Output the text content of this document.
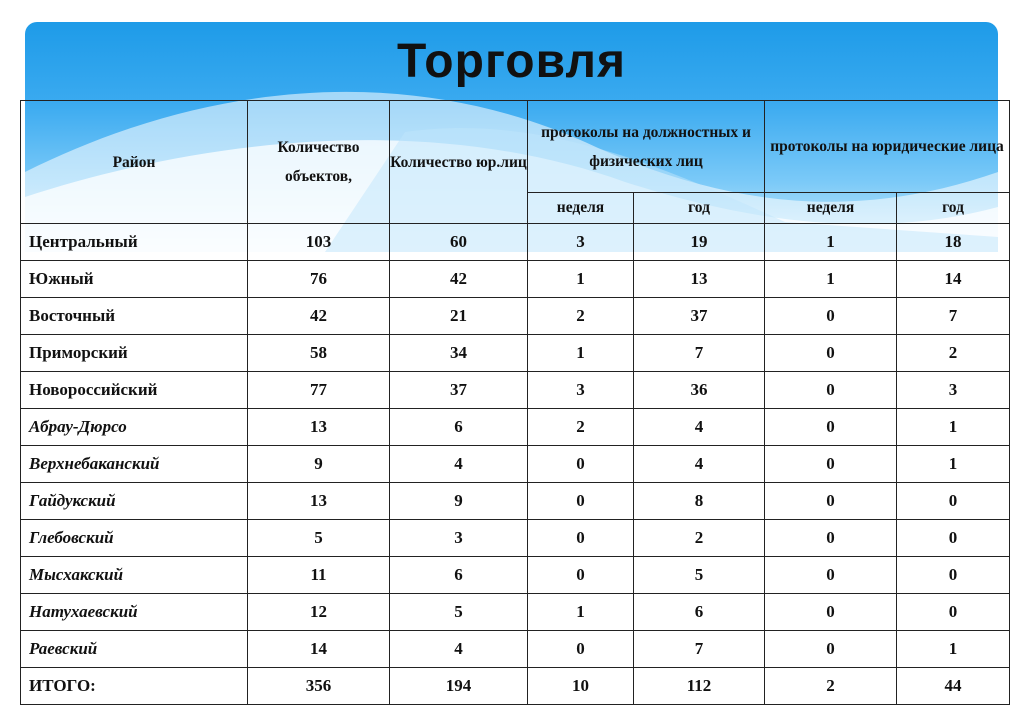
Торговля
Район	Количество объектов,	Количество юр.лиц	протоколы на должностных и физических лиц		протоколы на юридические лица	
			неделя	год	неделя	год
Центральный	103	60	3	19	1	18
Южный	76	42	1	13	1	14
Восточный	42	21	2	37	0	7
Приморский	58	34	1	7	0	2
Новороссийский	77	37	3	36	0	3
Абрау-Дюрсо	13	6	2	4	0	1
Верхнебаканский	9	4	0	4	0	1
Гайдукский	13	9	0	8	0	0
Глебовский	5	3	0	2	0	0
Мысхакский	11	6	0	5	0	0
Натухаевский	12	5	1	6	0	0
Раевский	14	4	0	7	0	1
ИТОГО:	356	194	10	112	2	44
